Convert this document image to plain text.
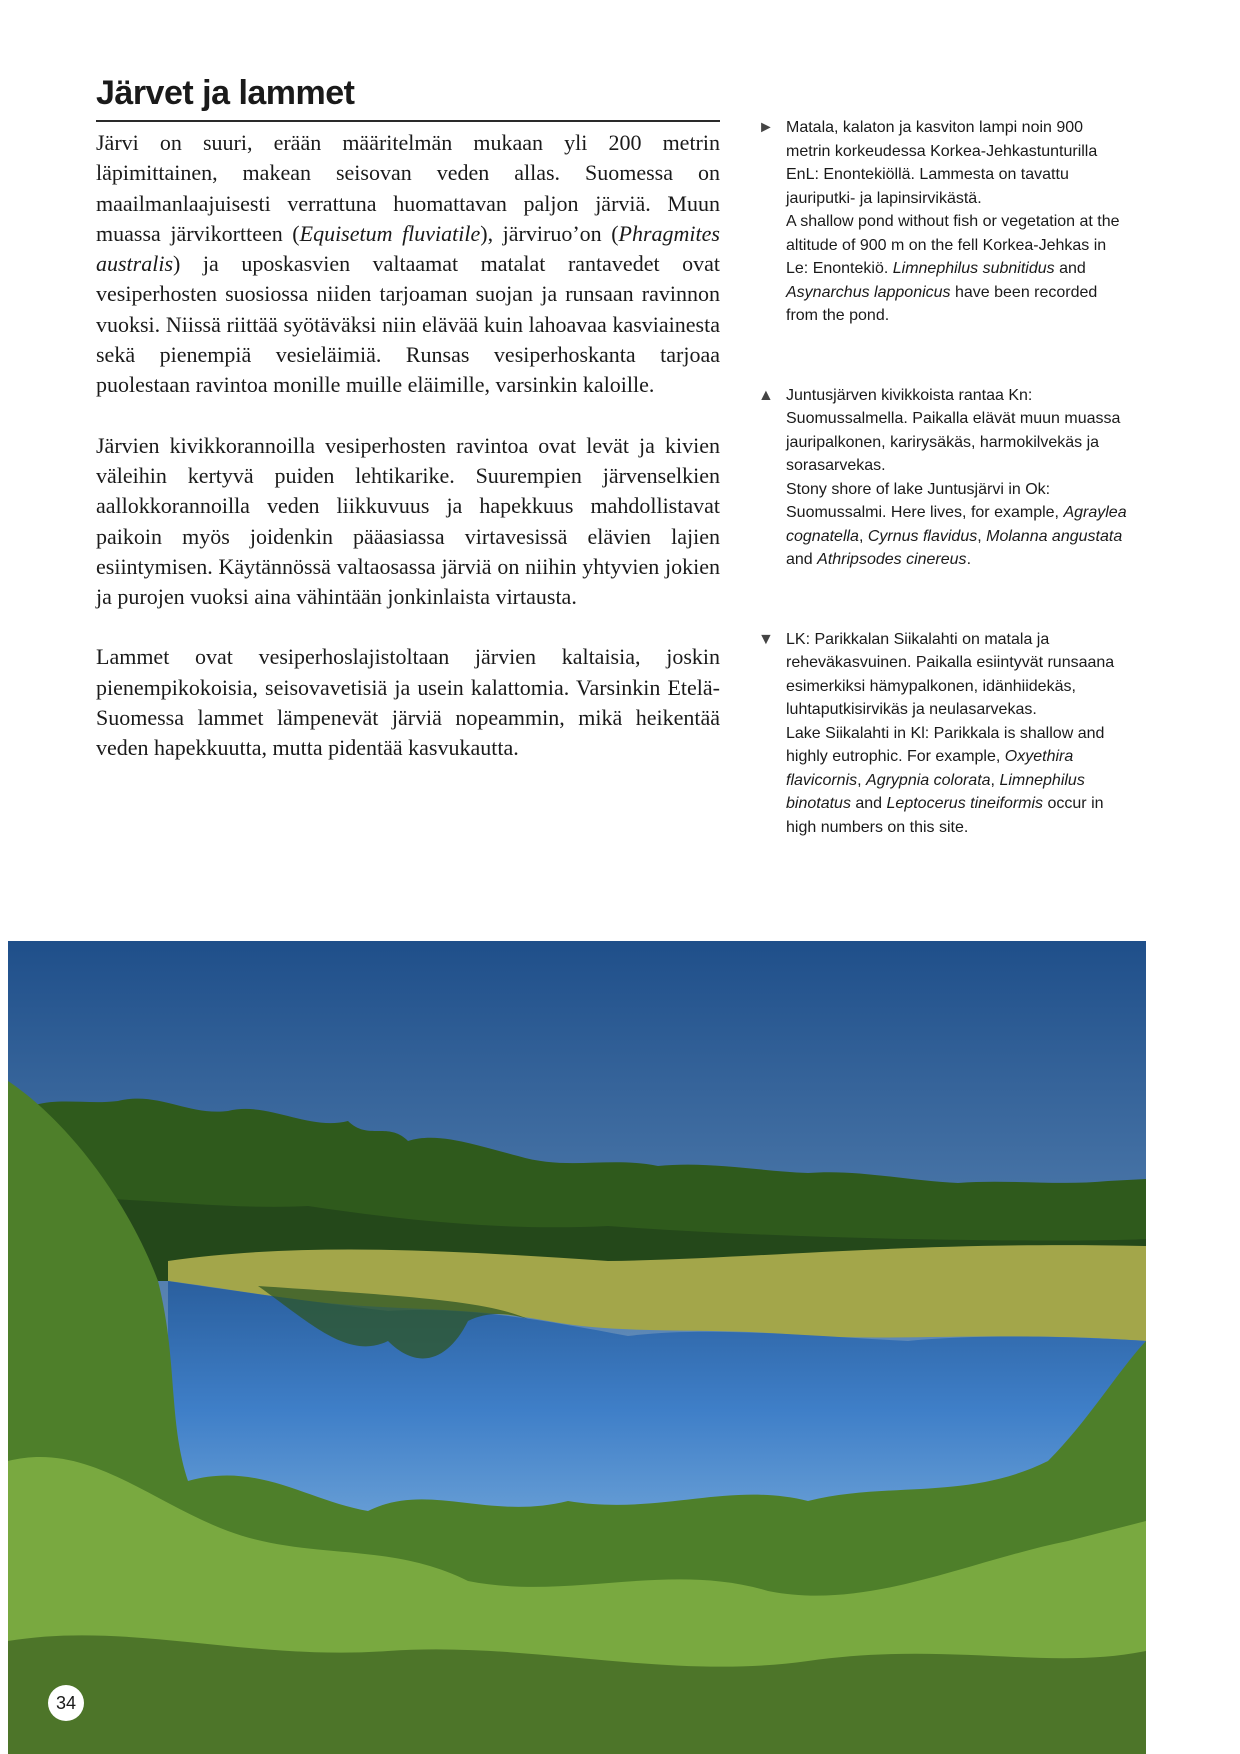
Järvet ja lammet

Järvi on suuri, erään määritelmän mukaan yli 200 metrin läpimittainen, makean seisovan veden allas. Suomessa on maailmanlaajuisesti verrattuna huomattavan paljon järviä. Muun muassa järvikortteen (Equisetum fluviatile), järviruo’on (Phragmites australis) ja uposkasvien valtaamat matalat rantavedet ovat vesiperhosten suosiossa niiden tarjoaman suojan ja runsaan ravinnon vuoksi. Niissä riittää syötäväksi niin elävää kuin lahoavaa kasviainesta sekä pienempiä vesieläimiä. Runsas vesiperhoskanta tarjoaa puolestaan ravintoa monille muille eläimille, varsinkin kaloille.

Järvien kivikkorannoilla vesiperhosten ravintoa ovat levät ja kivien väleihin kertyvä puiden lehtikarike. Suurempien järvenselkien aallokkorannoilla veden liikkuvuus ja hapekkuus mahdollistavat paikoin myös joidenkin pääasiassa virtavesissä elävien lajien esiintymisen. Käytännössä valtaosassa järviä on niihin yhtyvien jokien ja purojen vuoksi aina vähintään jonkinlaista virtausta.

Lammet ovat vesiperhoslajistoltaan järvien kaltaisia, joskin pienempikokoisia, seisovavetisiä ja usein kalattomia. Varsinkin Etelä-Suomessa lammet lämpenevät järviä nopeammin, mikä heikentää veden hapekkuutta, mutta pidentää kasvukautta.

► Matala, kalaton ja kasviton lampi noin 900 metrin korkeudessa Korkea-Jehkastunturilla EnL: Enontekiöllä. Lammesta on tavattu jauriputki- ja lapinsirvikästä.
A shallow pond without fish or vegetation at the altitude of 900 m on the fell Korkea-Jehkas in Le: Enontekiö. Limnephilus subnitidus and Asynarchus lapponicus have been recorded from the pond.
▲ Juntusjärven kivikkoista rantaa Kn: Suomussalmella. Paikalla elävät muun muassa jauripalkonen, karirysäkäs, harmokilvekäs ja sorasarvekas.
Stony shore of lake Juntusjärvi in Ok: Suomussalmi. Here lives, for example, Agraylea cognatella, Cyrnus flavidus, Molanna angustata and Athripsodes cinereus.
▼ LK: Parikkalan Siikalahti on matala ja reheväkasvuinen. Paikalla esiintyvät runsaana esimerkiksi hämypalkonen, idänhiidekäs, luhtaputkisirvikäs ja neulasarvekas.
Lake Siikalahti in Kl: Parikkala is shallow and highly eutrophic. For example, Oxyethira flavicornis, Agrypnia colorata, Limnephilus binotatus and Leptocerus tineiformis occur in high numbers on this site.
34
